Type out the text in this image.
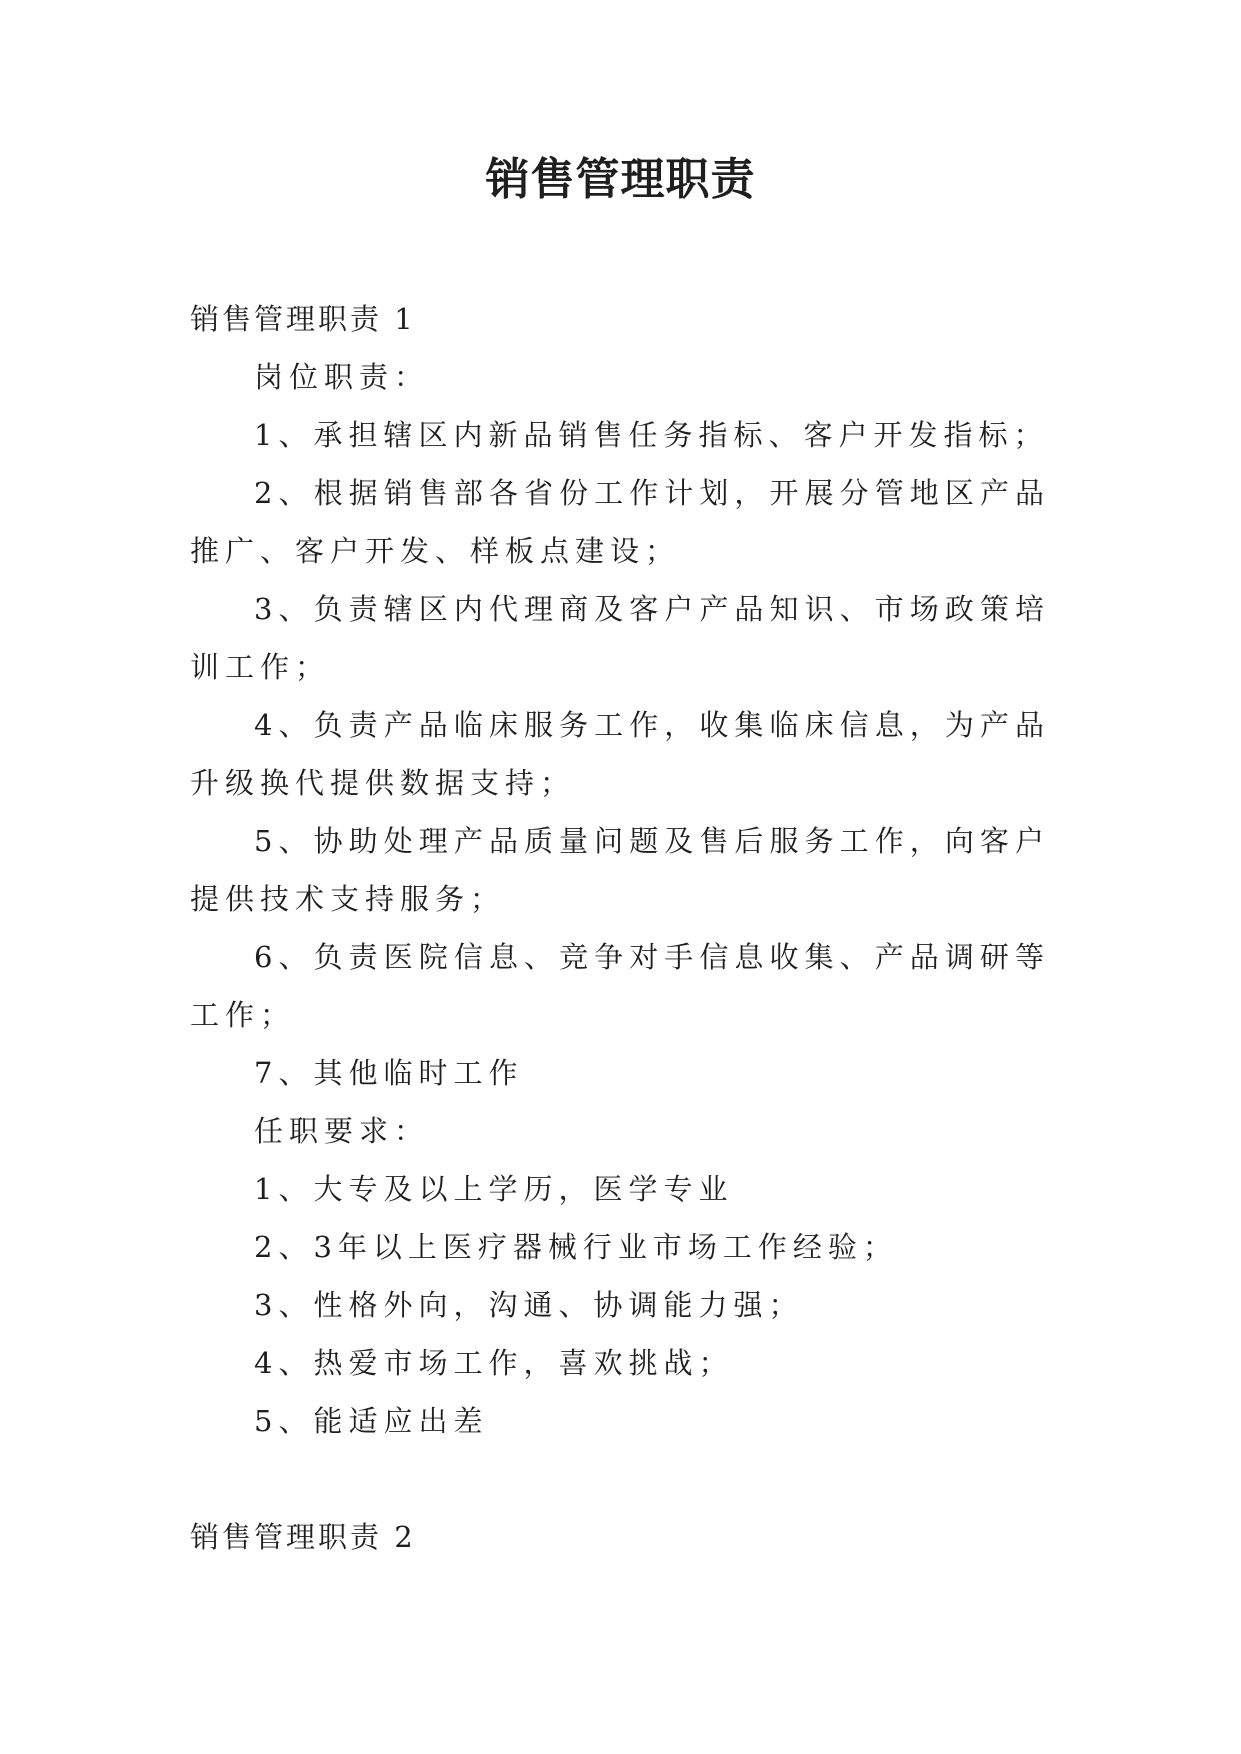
销售管理职责

销售管理职责 1

岗位职责：

1、承担辖区内新品销售任务指标、客户开发指标；

2、根据销售部各省份工作计划，开展分管地区产品推广、客户开发、样板点建设；

3、负责辖区内代理商及客户产品知识、市场政策培训工作；

4、负责产品临床服务工作，收集临床信息，为产品升级换代提供数据支持；

5、协助处理产品质量问题及售后服务工作，向客户提供技术支持服务；

6、负责医院信息、竞争对手信息收集、产品调研等工作；

7、其他临时工作

任职要求：

1、大专及以上学历，医学专业

2、3年以上医疗器械行业市场工作经验；

3、性格外向，沟通、协调能力强；

4、热爱市场工作，喜欢挑战；

5、能适应出差

销售管理职责 2
